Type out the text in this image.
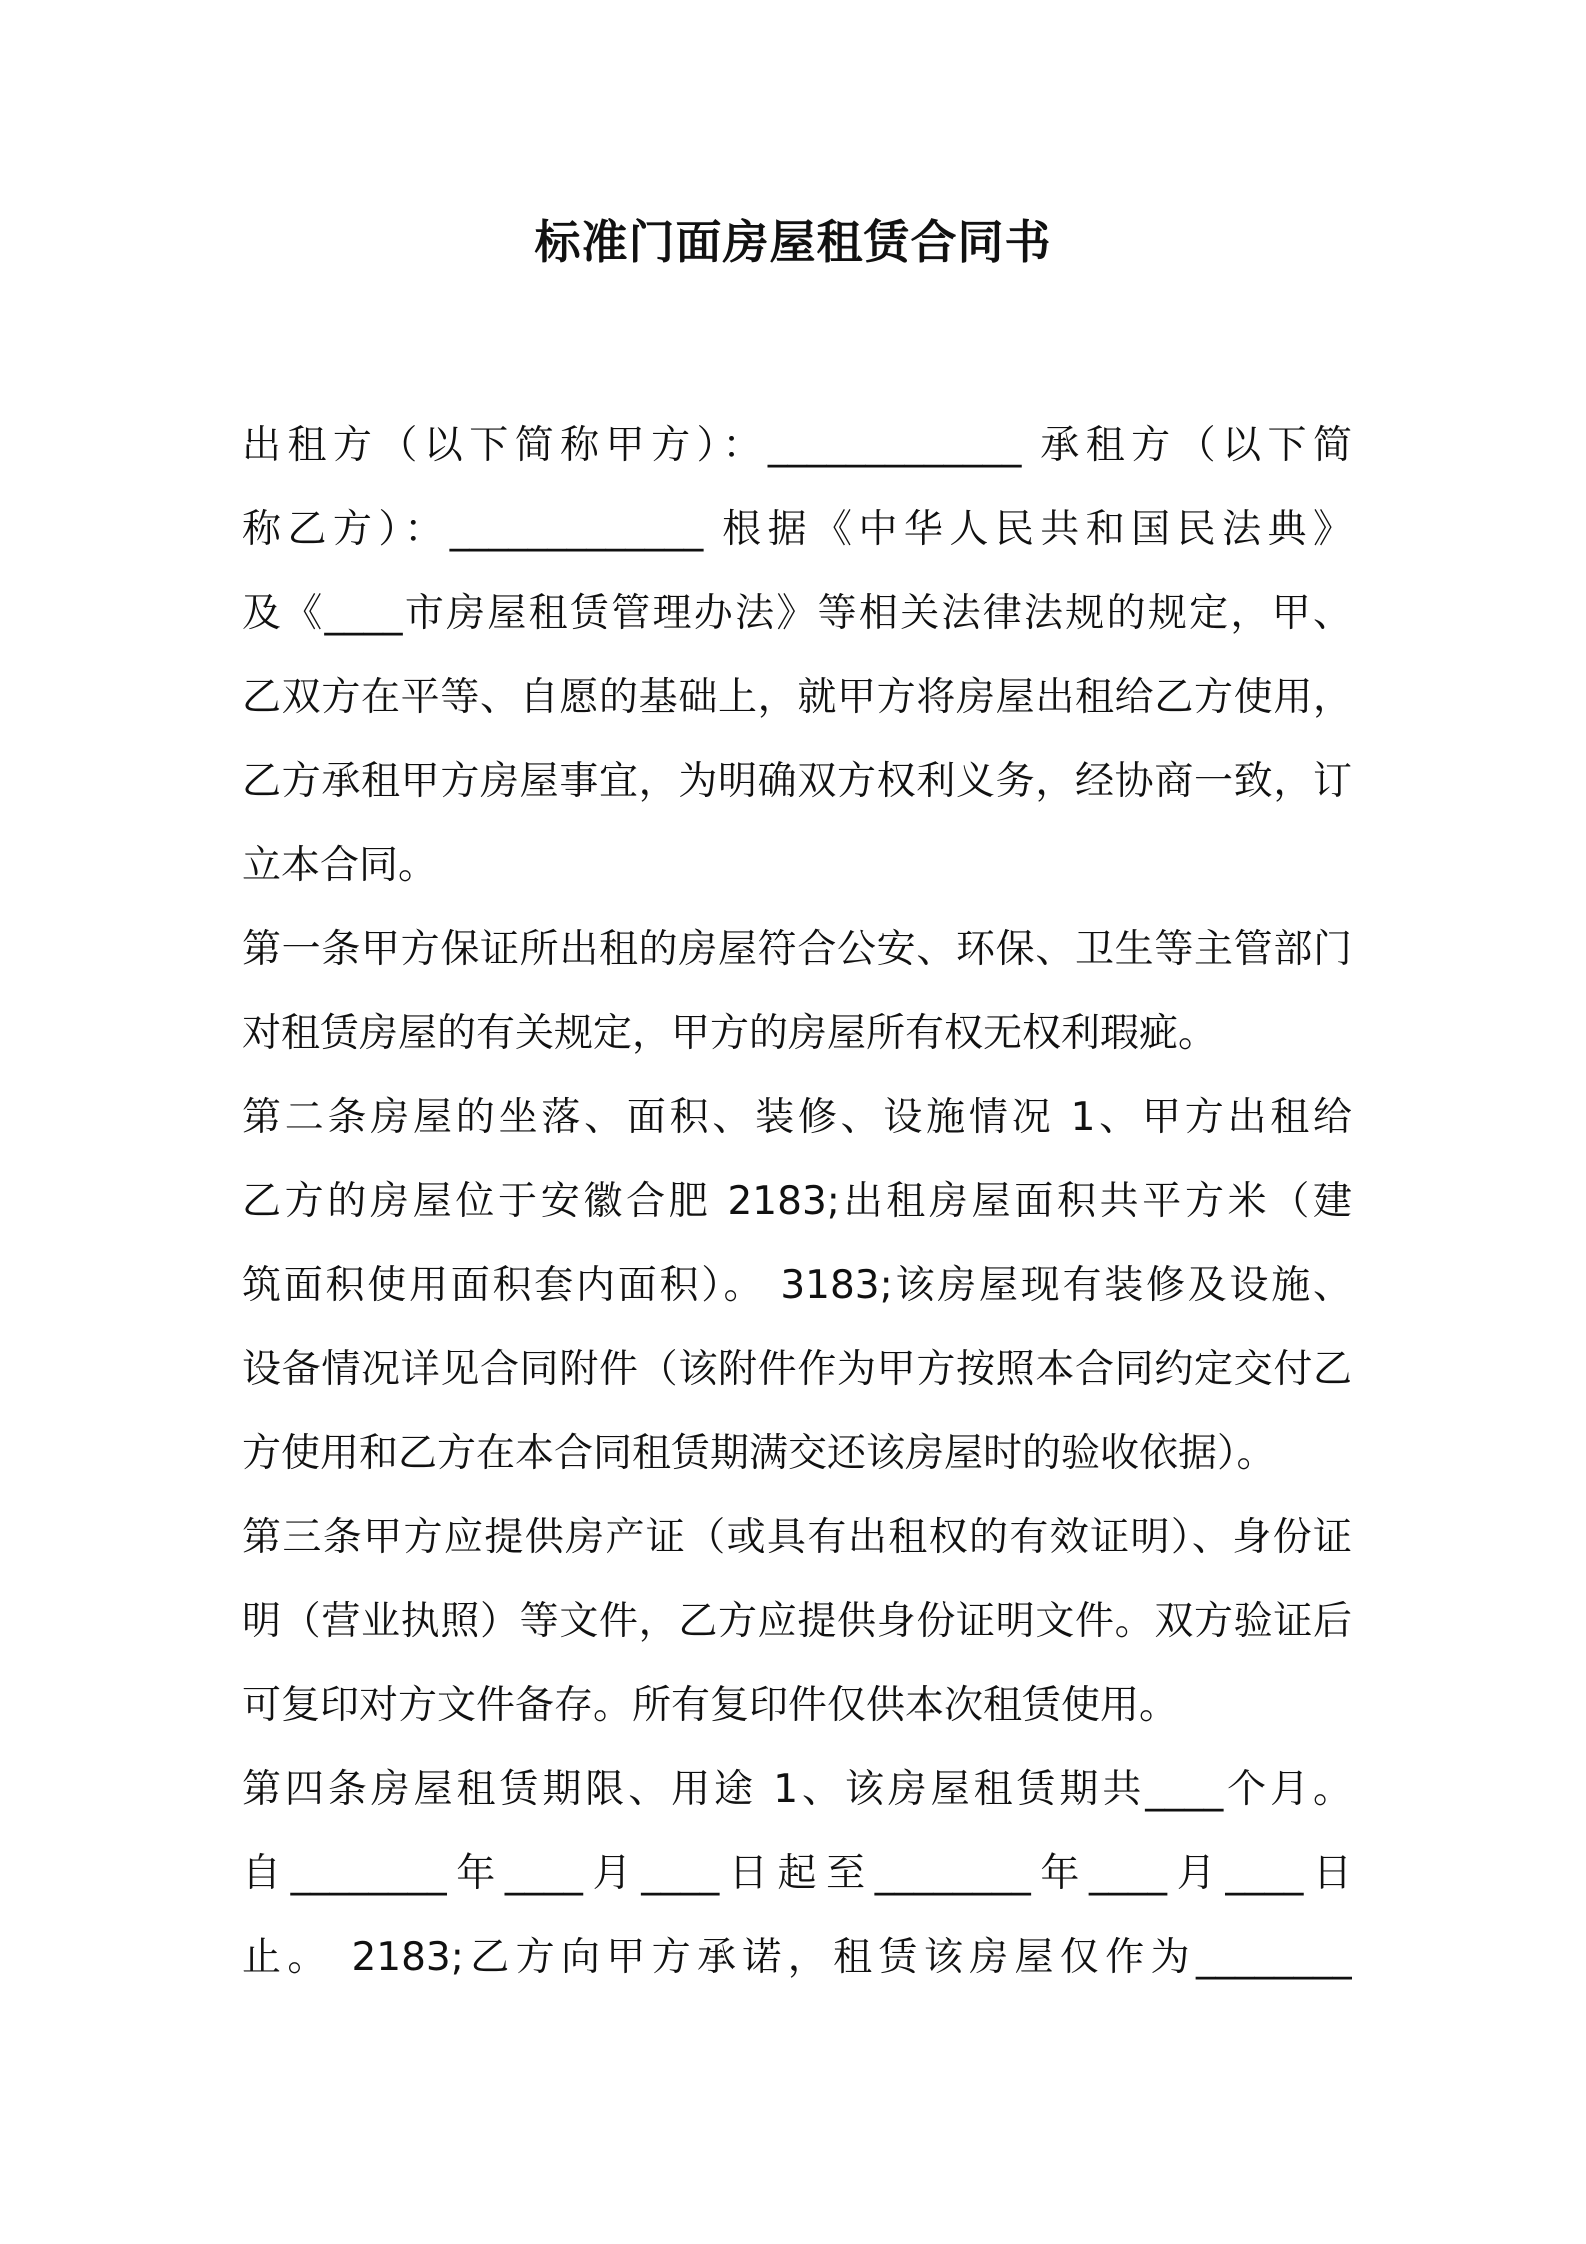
标准门面房屋租赁合同书
出租方（以下简称甲方）：_____________ 承租方（以下简
称乙方）：_____________ 根据《中华人民共和国民法典》
及《____市房屋租赁管理办法》等相关法律法规的规定，甲、
乙双方在平等、自愿的基础上，就甲方将房屋出租给乙方使用，
乙方承租甲方房屋事宜，为明确双方权利义务，经协商一致，订
立本合同。
第一条甲方保证所出租的房屋符合公安、环保、卫生等主管部门
对租赁房屋的有关规定，甲方的房屋所有权无权利瑕疵。
第二条房屋的坐落、面积、装修、设施情况 1、甲方出租给
乙方的房屋位于安徽合肥 2183;出租房屋面积共平方米（建
筑面积使用面积套内面积）。 3183;该房屋现有装修及设施、
设备情况详见合同附件（该附件作为甲方按照本合同约定交付乙
方使用和乙方在本合同租赁期满交还该房屋时的验收依据）。
第三条甲方应提供房产证（或具有出租权的有效证明）、身份证
明（营业执照）等文件，乙方应提供身份证明文件。双方验证后
可复印对方文件备存。所有复印件仅供本次租赁使用。
第四条房屋租赁期限、用途 1、该房屋租赁期共____个月。
自________年____月____日起至________年____月____日
止。 2183;乙方向甲方承诺，租赁该房屋仅作为________
